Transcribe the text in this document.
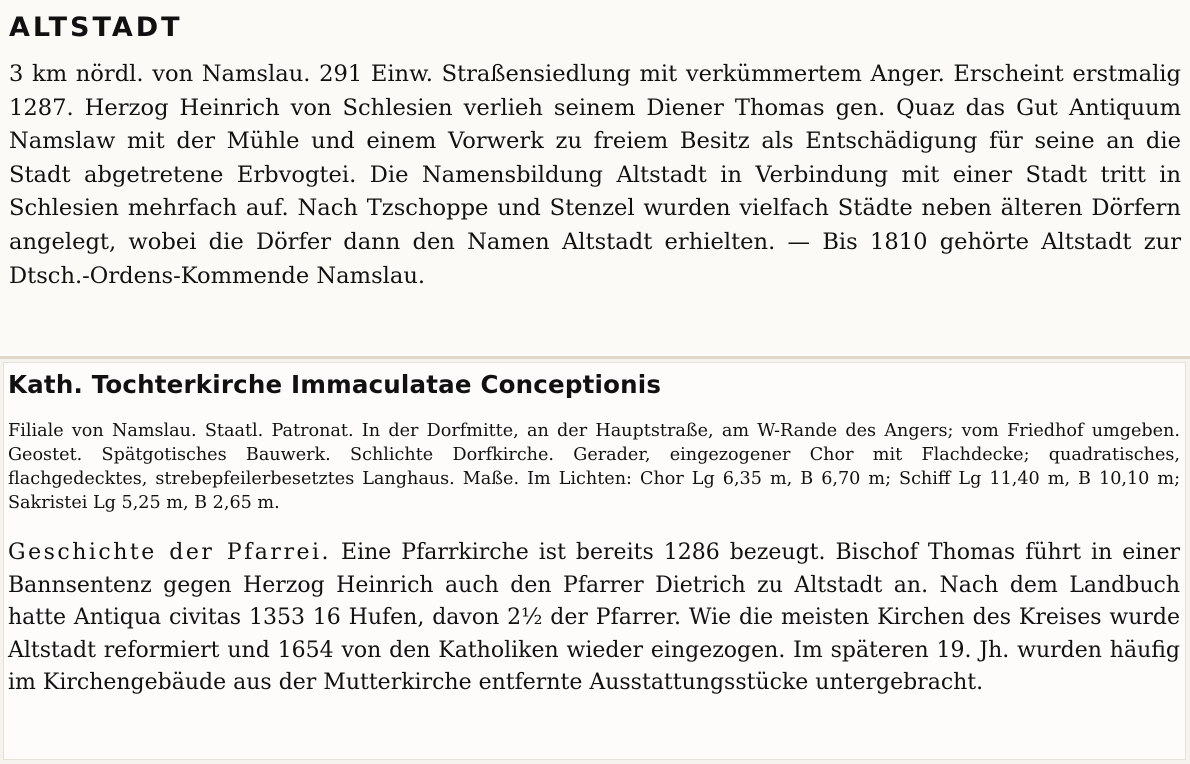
ALTSTADT

3 km nördl. von Namslau. 291 Einw. Straßensiedlung mit verkümmertem Anger. Erscheint erstmalig 1287. Herzog Heinrich von Schlesien verlieh seinem Diener Thomas gen. Quaz das Gut Antiquum Namslaw mit der Mühle und einem Vorwerk zu freiem Besitz als Entschädigung für seine an die Stadt abgetretene Erbvogtei. Die Namensbildung Altstadt in Verbindung mit einer Stadt tritt in Schlesien mehrfach auf. Nach Tzschoppe und Stenzel wurden vielfach Städte neben älteren Dörfern angelegt, wobei die Dörfer dann den Namen Altstadt erhielten. — Bis 1810 gehörte Altstadt zur Dtsch.-Ordens-Kommende Namslau.

Kath. Tochterkirche Immaculatae Conceptionis

Filiale von Namslau. Staatl. Patronat. In der Dorfmitte, an der Hauptstraße, am W-Rande des Angers; vom Friedhof umgeben. Geostet. Spätgotisches Bauwerk. Schlichte Dorfkirche. Gerader, eingezogener Chor mit Flachdecke; quadratisches, flachgedecktes, strebepfeilerbesetztes Langhaus. Maße. Im Lichten: Chor Lg 6,35 m, B 6,70 m; Schiff Lg 11,40 m, B 10,10 m; Sakristei Lg 5,25 m, B 2,65 m.

Geschichte der Pfarrei. Eine Pfarrkirche ist bereits 1286 bezeugt. Bischof Thomas führt in einer Bannsentenz gegen Herzog Heinrich auch den Pfarrer Dietrich zu Altstadt an. Nach dem Landbuch hatte Antiqua civitas 1353 16 Hufen, davon 2½ der Pfarrer. Wie die meisten Kirchen des Kreises wurde Altstadt reformiert und 1654 von den Katholiken wieder eingezogen. Im späteren 19. Jh. wurden häufig im Kirchengebäude aus der Mutterkirche entfernte Ausstattungsstücke untergebracht.
